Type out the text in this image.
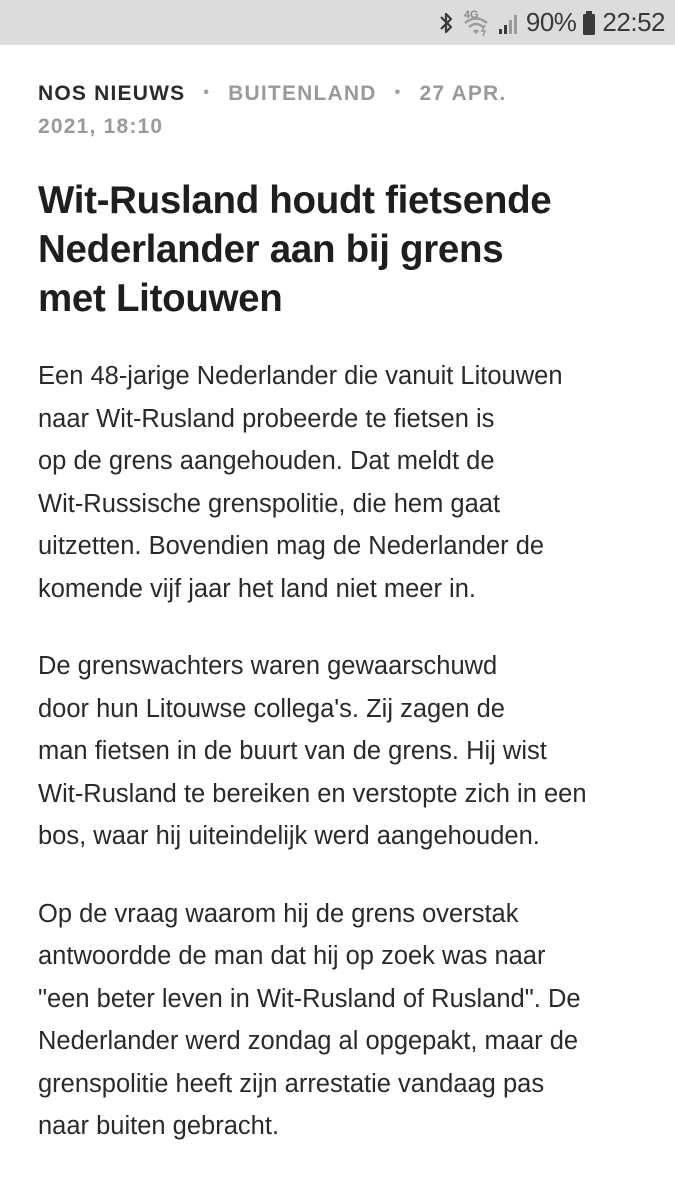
4G 90% 22:52
NOS NIEUWS • BUITENLAND • 27 APR.
2021, 18:10
Wit-Rusland houdt fietsende
Nederlander aan bij grens
met Litouwen
Een 48-jarige Nederlander die vanuit Litouwen
naar Wit-Rusland probeerde te fietsen is
op de grens aangehouden. Dat meldt de
Wit-Russische grenspolitie, die hem gaat
uitzetten. Bovendien mag de Nederlander de
komende vijf jaar het land niet meer in.
De grenswachters waren gewaarschuwd
door hun Litouwse collega's. Zij zagen de
man fietsen in de buurt van de grens. Hij wist
Wit-Rusland te bereiken en verstopte zich in een
bos, waar hij uiteindelijk werd aangehouden.
Op de vraag waarom hij de grens overstak
antwoordde de man dat hij op zoek was naar
"een beter leven in Wit-Rusland of Rusland". De
Nederlander werd zondag al opgepakt, maar de
grenspolitie heeft zijn arrestatie vandaag pas
naar buiten gebracht.
